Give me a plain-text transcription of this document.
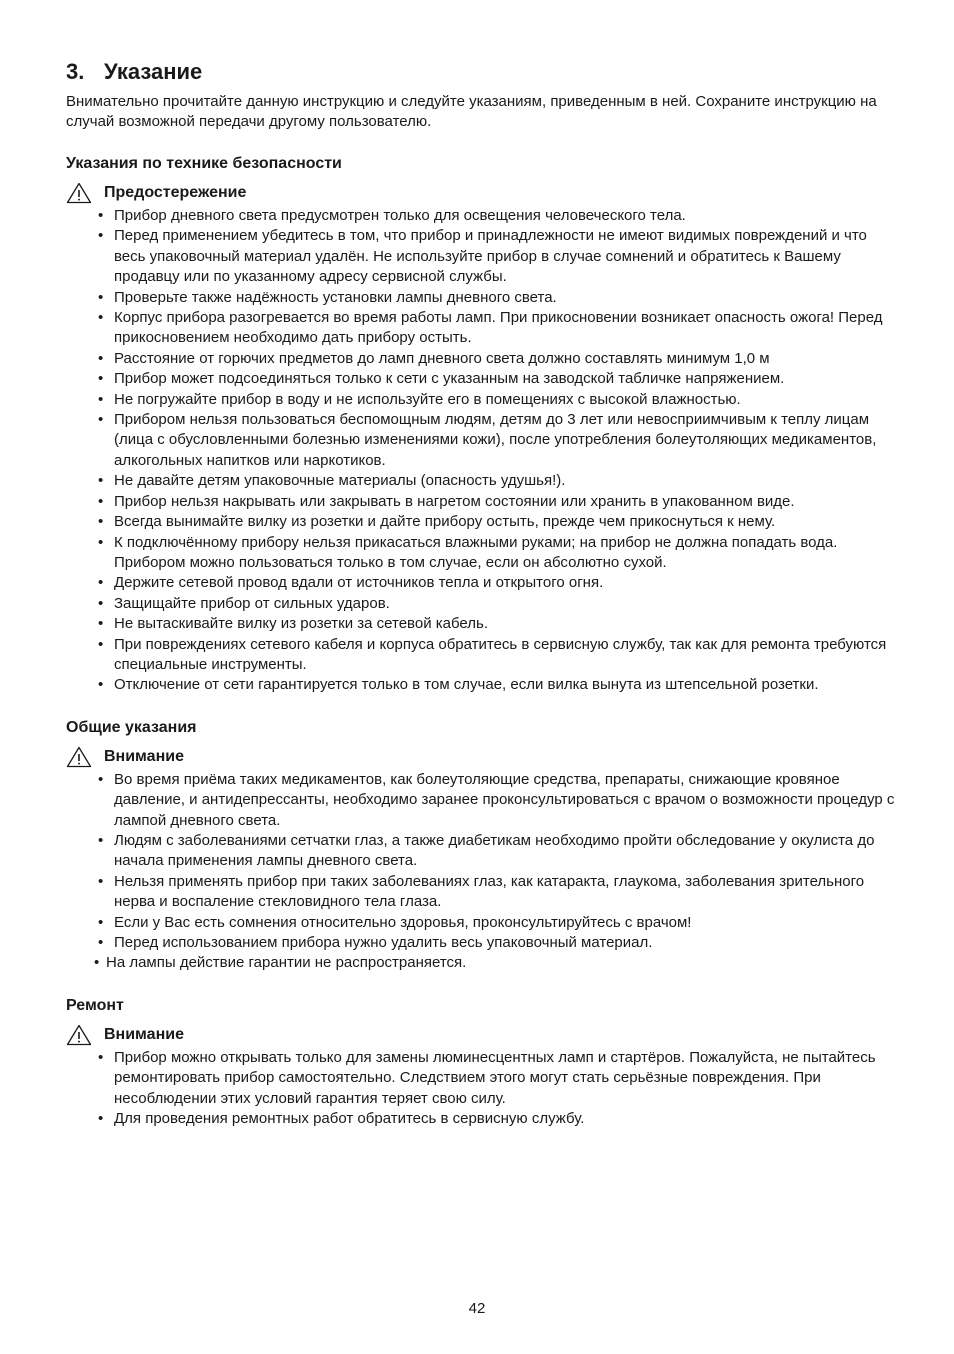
3. Указание

Внимательно прочитайте данную инструкцию и следуйте указаниям, приведенным в ней. Сохраните инструкцию на случай возможной передачи другому пользователю.

Указания по технике безопасности
Предостережение
• Прибор дневного света предусмотрен только для освещения человеческого тела.
• Перед применением убедитесь в том, что прибор и принадлежности не имеют видимых повреждений и что весь упаковочный материал удалён. Не используйте прибор в случае сомнений и обратитесь к Вашему продавцу или по указанному адресу сервисной службы.
• Проверьте также надёжность установки лампы дневного света.
• Корпус прибора разогревается во время работы ламп. При прикосновении возникает опасность ожога! Перед прикосновением необходимо дать прибору остыть.
• Расстояние от горючих предметов до ламп дневного света должно составлять минимум 1,0 м
• Прибор может подсоединяться только к сети с указанным на заводской табличке напряжением.
• Не погружайте прибор в воду и не используйте его в помещениях с высокой влажностью.
• Прибором нельзя пользоваться беспомощным людям, детям до 3 лет или невосприимчивым к теплу лицам (лица с обусловленными болезнью изменениями кожи), после употребления болеутоляющих медикаментов, алкогольных напитков или наркотиков.
• Не давайте детям упаковочные материалы (опасность удушья!).
• Прибор нельзя накрывать или закрывать в нагретом состоянии или хранить в упакованном виде.
• Всегда вынимайте вилку из розетки и дайте прибору остыть, прежде чем прикоснуться к нему.
• К подключённому прибору нельзя прикасаться влажными руками; на прибор не должна попадать вода. Прибором можно пользоваться только в том случае, если он абсолютно сухой.
• Держите сетевой провод вдали от источников тепла и открытого огня.
• Защищайте прибор от сильных ударов.
• Не вытаскивайте вилку из розетки за сетевой кабель.
• При повреждениях сетевого кабеля и корпуса обратитесь в сервисную службу, так как для ремонта требуются специальные инструменты.
• Отключение от сети гарантируется только в том случае, если вилка вынута из штепсельной розетки.
Общие указания
Внимание
• Во время приёма таких медикаментов, как болеутоляющие средства, препараты, снижающие кровяное давление, и антидепрессанты, необходимо заранее проконсультироваться с врачом о возможности процедур с лампой дневного света.
• Людям с заболеваниями сетчатки глаз, а также диабетикам необходимо пройти обследование у окулиста до начала применения лампы дневного света.
• Нельзя применять прибор при таких заболеваниях глаз, как катаракта, глаукома, заболевания зрительного нерва и воспаление стекловидного тела глаза.
• Если у Вас есть сомнения относительно здоровья, проконсультируйтесь с врачом!
• Перед использованием прибора нужно удалить весь упаковочный материал.
• На лампы действие гарантии не распространяется.
Ремонт
Внимание
• Прибор можно открывать только для замены люминесцентных ламп и стартёров. Пожалуйста, не пытайтесь ремонтировать прибор самостоятельно. Следствием этого могут стать серьёзные повреждения. При несоблюдении этих условий гарантия теряет свою силу.
• Для проведения ремонтных работ обратитесь в сервисную службу.
42
